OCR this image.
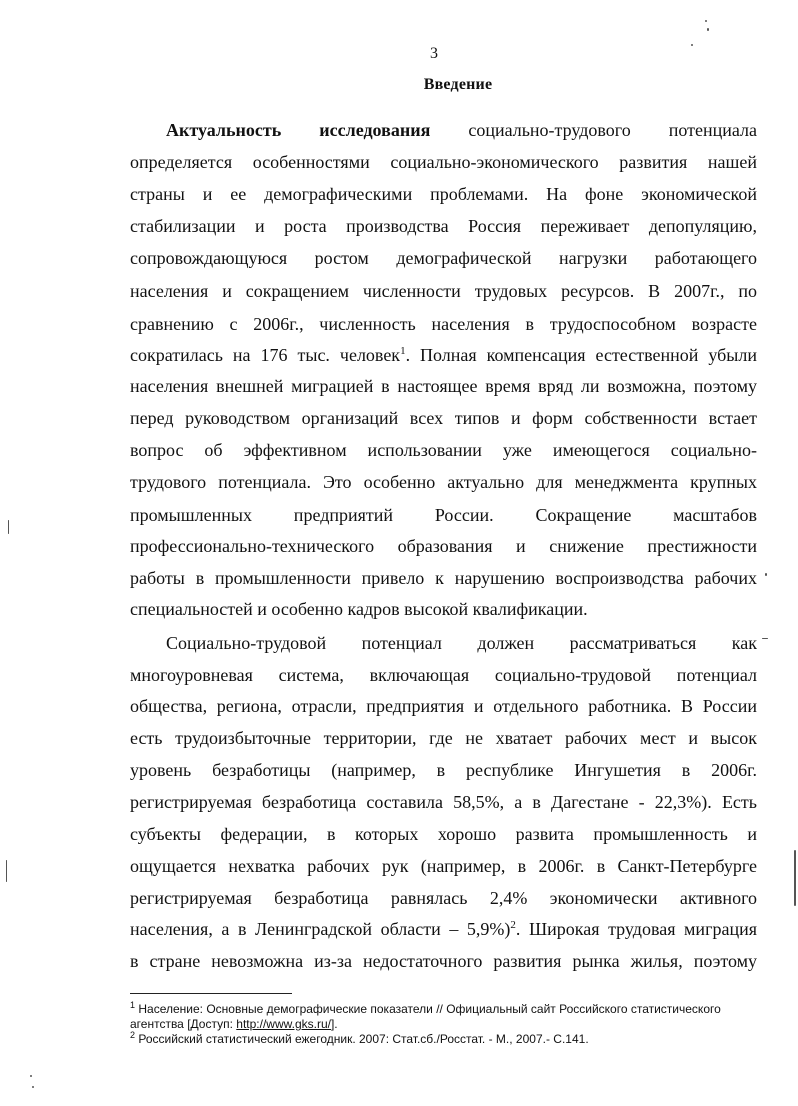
3
Введение
Актуальность исследования социально-трудового потенциала
определяется особенностями социально-экономического развития нашей
страны и ее демографическими проблемами. На фоне экономической
стабилизации и роста производства Россия переживает депопуляцию,
сопровождающуюся ростом демографической нагрузки работающего
населения и сокращением численности трудовых ресурсов. В 2007г., по
сравнению с 2006г., численность населения в трудоспособном возрасте
сократилась на 176 тыс. человек$^1$. Полная компенсация естественной убыли
населения внешней миграцией в настоящее время вряд ли возможна, поэтому
перед руководством организаций всех типов и форм собственности встает
вопрос об эффективном использовании уже имеющегося социально-
трудового потенциала. Это особенно актуально для менеджмента крупных
промышленных предприятий России. Сокращение масштабов
профессионально-технического образования и снижение престижности
работы в промышленности привело к нарушению воспроизводства рабочих
специальностей и особенно кадров высокой квалификации.
Социально-трудовой потенциал должен рассматриваться как
многоуровневая система, включающая социально-трудовой потенциал
общества, региона, отрасли, предприятия и отдельного работника. В России
есть трудоизбыточные территории, где не хватает рабочих мест и высок
уровень безработицы (например, в республике Ингушетия в 2006г.
регистрируемая безработица составила 58,5%, а в Дагестане - 22,3%). Есть
субъекты федерации, в которых хорошо развита промышленность и
ощущается нехватка рабочих рук (например, в 2006г. в Санкт-Петербурге
регистрируемая безработица равнялась 2,4% экономически активного
населения, а в Ленинградской области – 5,9%)$^2$. Широкая трудовая миграция
в стране невозможна из-за недостаточного развития рынка жилья, поэтому
$^1$ Население: Основные демографические показатели // Официальный сайт Российского статистического
агентства [Доступ: http://www.gks.ru/].
$^2$ Российский статистический ежегодник. 2007: Стат.сб./Росстат. - М., 2007.- С.141.
